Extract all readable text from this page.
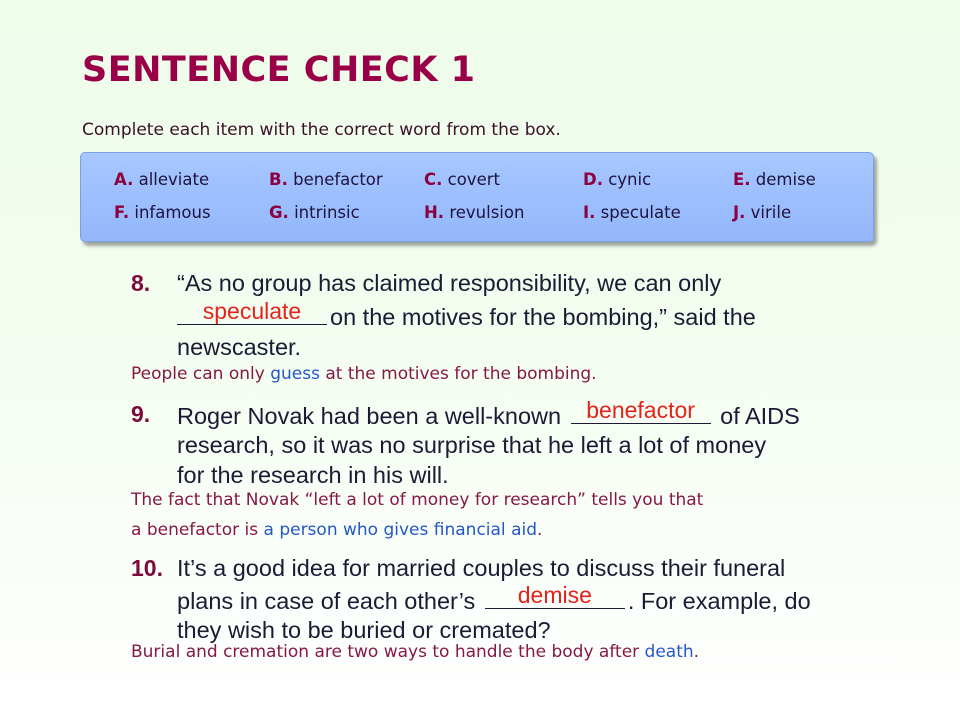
SENTENCE CHECK 1
Complete each item with the correct word from the box.
A. alleviate	B. benefactor	C. covert	D. cynic	E. demise
F. infamous	G. intrinsic	H. revulsion	I. speculate	J. virile
8. “As no group has claimed responsibility, we can only
speculate	on the motives for the bombing,” said the
newscaster.
People can only guess at the motives for the bombing.
9. Roger Novak had been a well-known	benefactor	of AIDS
research, so it was no surprise that he left a lot of money
for the research in his will.
The fact that Novak “left a lot of money for research” tells you that
a benefactor is a person who gives financial aid.
10. It’s a good idea for married couples to discuss their funeral
plans in case of each other’s	demise	. For example, do
they wish to be buried or cremated?
Burial and cremation are two ways to handle the body after death.
